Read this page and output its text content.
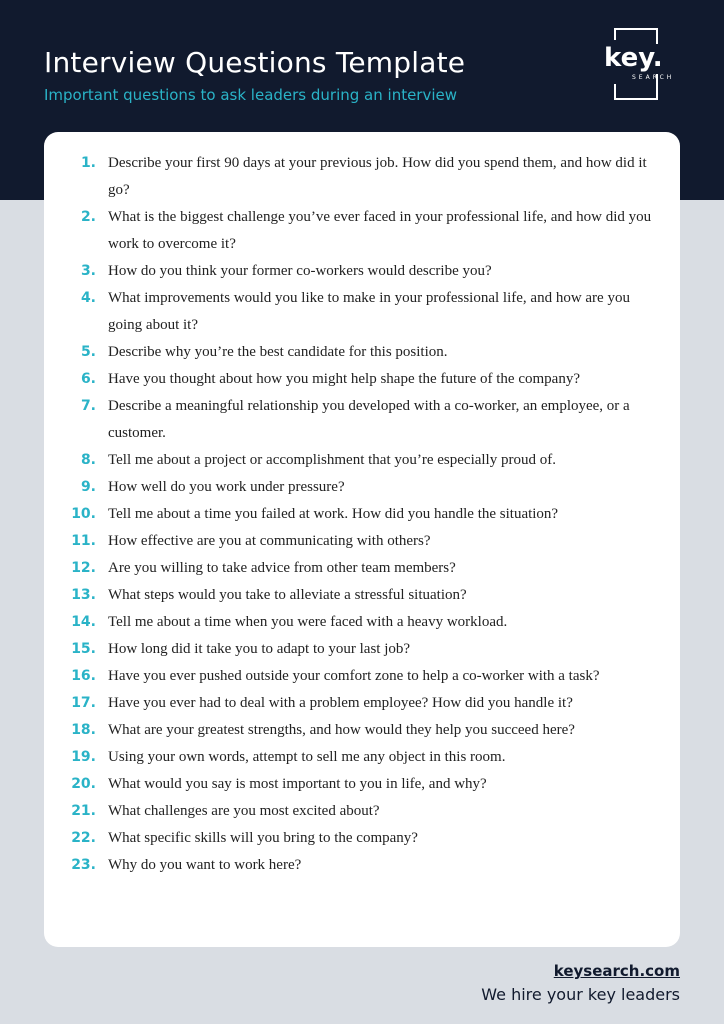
Interview Questions Template
Important questions to ask leaders during an interview
key.
SEARCH
1. Describe your first 90 days at your previous job. How did you spend them, and how did it go?
2. What is the biggest challenge you’ve ever faced in your professional life, and how did you work to overcome it?
3. How do you think your former co-workers would describe you?
4. What improvements would you like to make in your professional life, and how are you going about it?
5. Describe why you’re the best candidate for this position.
6. Have you thought about how you might help shape the future of the company?
7. Describe a meaningful relationship you developed with a co-worker, an employee, or a customer.
8. Tell me about a project or accomplishment that you’re especially proud of.
9. How well do you work under pressure?
10. Tell me about a time you failed at work. How did you handle the situation?
11. How effective are you at communicating with others?
12. Are you willing to take advice from other team members?
13. What steps would you take to alleviate a stressful situation?
14. Tell me about a time when you were faced with a heavy workload.
15. How long did it take you to adapt to your last job?
16. Have you ever pushed outside your comfort zone to help a co-worker with a task?
17. Have you ever had to deal with a problem employee? How did you handle it?
18. What are your greatest strengths, and how would they help you succeed here?
19. Using your own words, attempt to sell me any object in this room.
20. What would you say is most important to you in life, and why?
21. What challenges are you most excited about?
22. What specific skills will you bring to the company?
23. Why do you want to work here?
keysearch.com
We hire your key leaders
